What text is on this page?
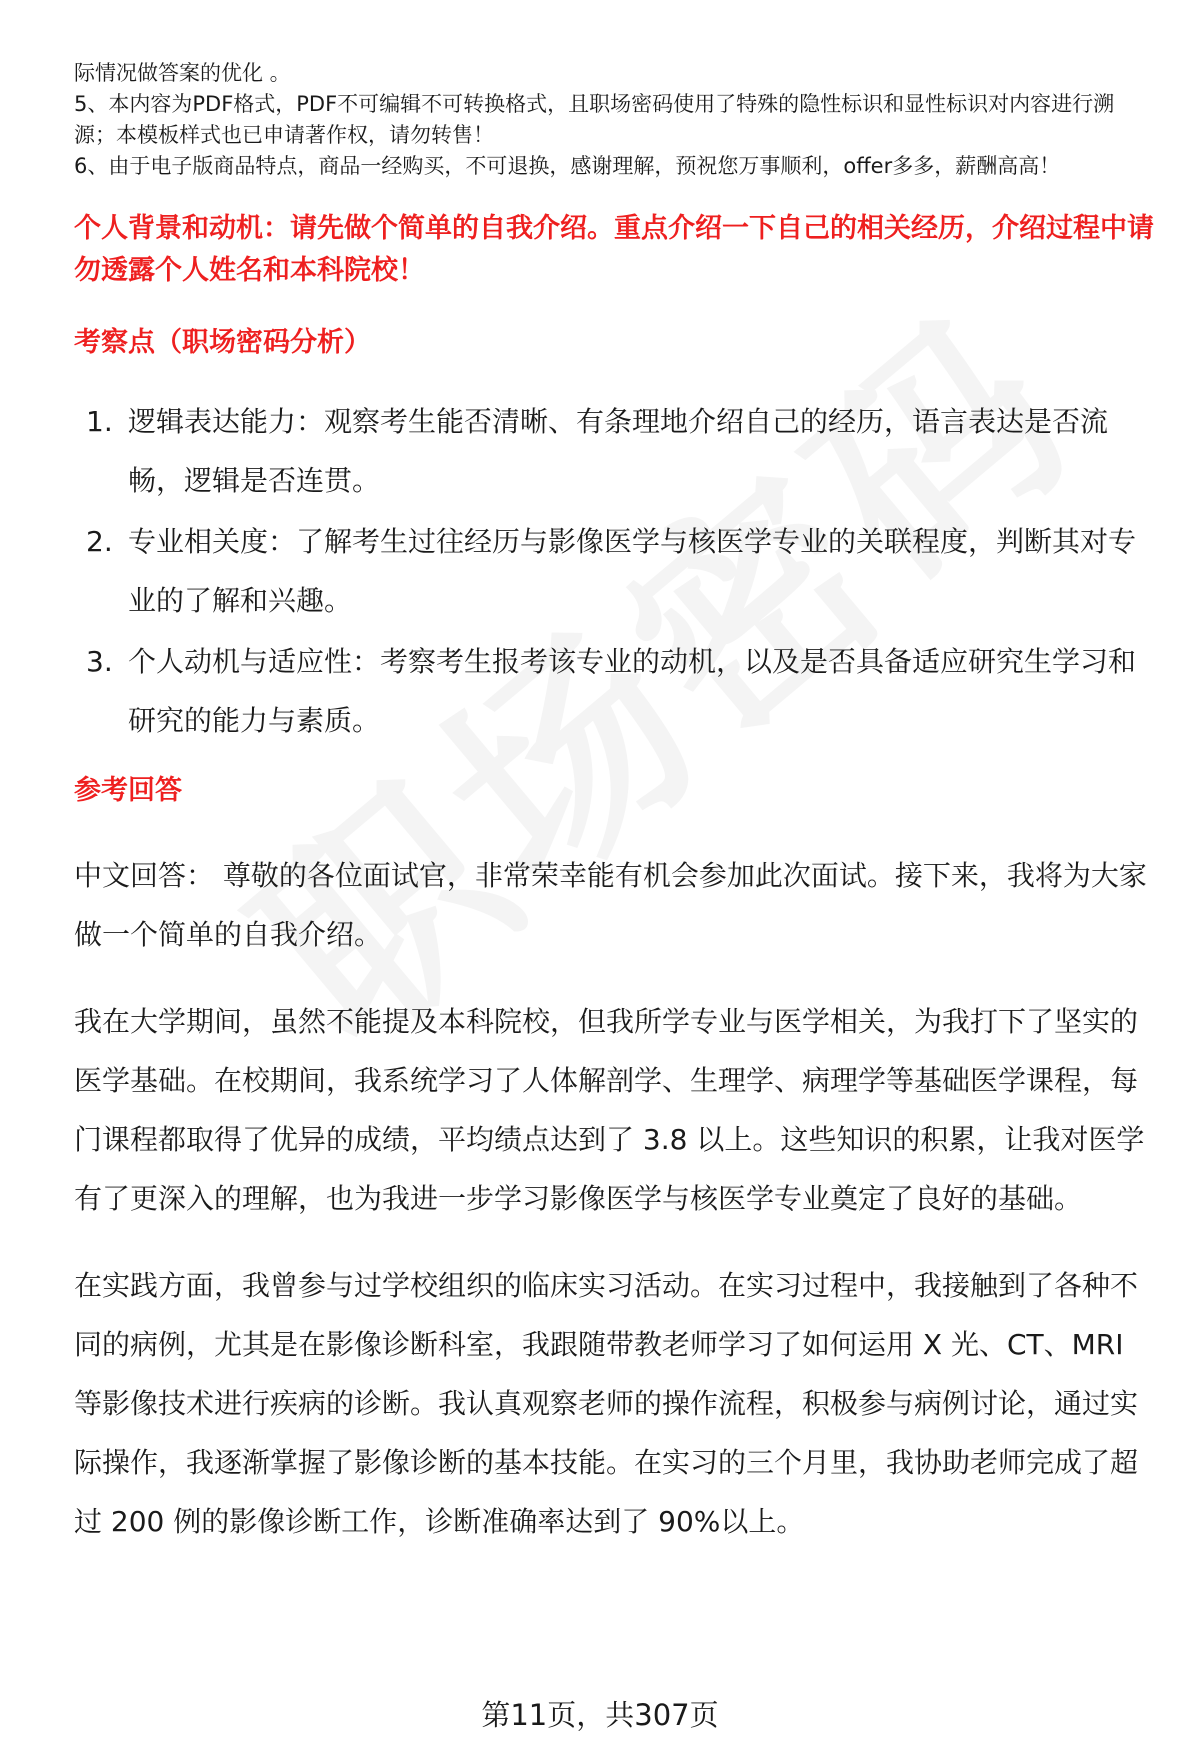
际情况做答案的优化 。

5、本内容为PDF格式，PDF不可编辑不可转换格式，且职场密码使用了特殊的隐性标识和显性标识对内容进行溯源；本模板样式也已申请著作权，请勿转售！

6、由于电子版商品特点，商品一经购买，不可退换，感谢理解，预祝您万事顺利，offer多多，薪酬高高！

个人背景和动机：请先做个简单的自我介绍。重点介绍一下自己的相关经历，介绍过程中请勿透露个人姓名和本科院校！

考察点（职场密码分析）

1. 逻辑表达能力：观察考生能否清晰、有条理地介绍自己的经历，语言表达是否流畅，逻辑是否连贯。
2. 专业相关度：了解考生过往经历与影像医学与核医学专业的关联程度，判断其对专业的了解和兴趣。
3. 个人动机与适应性：考察考生报考该专业的动机，以及是否具备适应研究生学习和研究的能力与素质。

参考回答

中文回答： 尊敬的各位面试官，非常荣幸能有机会参加此次面试。接下来，我将为大家做一个简单的自我介绍。

我在大学期间，虽然不能提及本科院校，但我所学专业与医学相关，为我打下了坚实的医学基础。在校期间，我系统学习了人体解剖学、生理学、病理学等基础医学课程，每门课程都取得了优异的成绩，平均绩点达到了 3.8 以上。这些知识的积累，让我对医学有了更深入的理解，也为我进一步学习影像医学与核医学专业奠定了良好的基础。

在实践方面，我曾参与过学校组织的临床实习活动。在实习过程中，我接触到了各种不同的病例，尤其是在影像诊断科室，我跟随带教老师学习了如何运用 X 光、CT、MRI 等影像技术进行疾病的诊断。我认真观察老师的操作流程，积极参与病例讨论，通过实际操作，我逐渐掌握了影像诊断的基本技能。在实习的三个月里，我协助老师完成了超过 200 例的影像诊断工作，诊断准确率达到了 90%以上。

第11页，共307页
